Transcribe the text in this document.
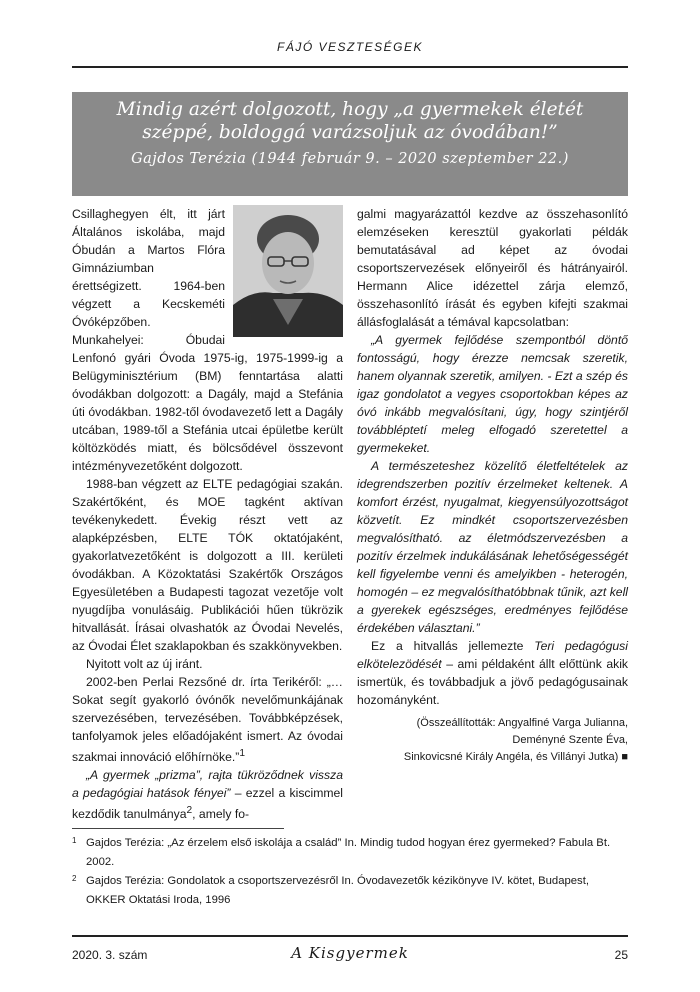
FÁJÓ VESZTESÉGEK
Mindig azért dolgozott, hogy „a gyermekek életét széppé, boldoggá varázsoljuk az óvodában!”
Gajdos Terézia (1944 február 9. – 2020 szeptember 22.)

Csillaghegyen élt, itt járt Általános iskolába, majd Óbudán a Martos Flóra Gimnáziumban érettségizett. 1964-ben végzett a Kecskeméti Óvóképzőben. Munkahelyei: Óbudai Lenfonó gyári Óvoda 1975-ig, 1975-1999-ig a Belügyminisztérium (BM) fenntartása alatti óvodákban dolgozott: a Dagály, majd a Stefánia úti óvodákban. 1982-től óvodavezető lett a Dagály utcában, 1989-től a Stefánia utcai épületbe került költözködés miatt, és bölcsődével összevont intézményvezetőként dolgozott.

1988-ban végzett az ELTE pedagógiai szakán. Szakértőként, és MOE tagként aktívan tevékenykedett. Évekig részt vett az alapképzésben, ELTE TÓK oktatójaként, gyakorlatvezetőként is dolgozott a III. kerületi óvodákban. A Közoktatási Szakértők Országos Egyesületében a Budapesti tagozat vezetője volt nyugdíjba vonulásáig. Publikációi hűen tükrözik hitvallását. Írásai olvashatók az Óvodai Nevelés, az Óvodai Élet szaklapokban és szakkönyvekben.

Nyitott volt az új iránt.

2002-ben Perlai Rezsőné dr. írta Terikéről: „…Sokat segít gyakorló óvónők nevelőmunkájának szervezésében, tervezésében. Továbbképzések, tanfolyamok jeles előadójaként ismert. Az óvodai szakmai innováció előhírnöke.”$^1$

„A gyermek „prizma”, rajta tükröződnek vissza a pedagógiai hatások fényei” – ezzel a kiscimmel kezdődik tanulmánya$^2$, amely fo-

galmi magyarázattól kezdve az összehasonlító elemzéseken keresztül gyakorlati példák bemutatásával ad képet az óvodai csoportszervezések előnyeiről és hátrányairól. Hermann Alice idézettel zárja elemző, összehasonlító írását és egyben kifejti szakmai állásfoglalását a témával kapcsolatban:

„A gyermek fejlődése szempontból döntő fontosságú, hogy érezze nemcsak szeretik, hanem olyannak szeretik, amilyen. - Ezt a szép és igaz gondolatot a vegyes csoportokban képes az óvó inkább megvalósítani, úgy, hogy szintjéről továbbléptetí meleg elfogadó szeretettel a gyermekeket.

A természeteshez közelítő életfeltételek az idegrendszerben pozitív érzelmeket keltenek. A komfort érzést, nyugalmat, kiegyensúlyozottságot közvetít. Ez mindkét csoportszervezésben megvalósítható. az életmódszervezésben a pozitív érzelmek indukálásának lehetőségességét kell figyelembe venni és amelyikben - heterogén, homogén – ez megvalósíthatóbbnak tűnik, azt kell a gyerekek egészséges, eredményes fejlődése érdekében választani.”

Ez a hitvallás jellemezte Teri pedagógusi elkötelezödését – ami példaként állt előttünk akik ismertük, és továbbadjuk a jövő pedagógusainak hozományként.

(Összeállították: Angyalfiné Varga Julianna,
Deményné Szente Éva,
Sinkovicsné Király Angéla, és Villányi Jutka) ■
1 Gajdos Terézia: „Az érzelem első iskolája a család” In. Mindig tudod hogyan érez gyermeked? Fabula Bt. 2002.
2 Gajdos Terézia: Gondolatok a csoportszervezésről In. Óvodavezetők kézikönyve IV. kötet, Budapest, OKKER Oktatási Iroda, 1996
2020. 3. szám	A Kisgyermek	25
